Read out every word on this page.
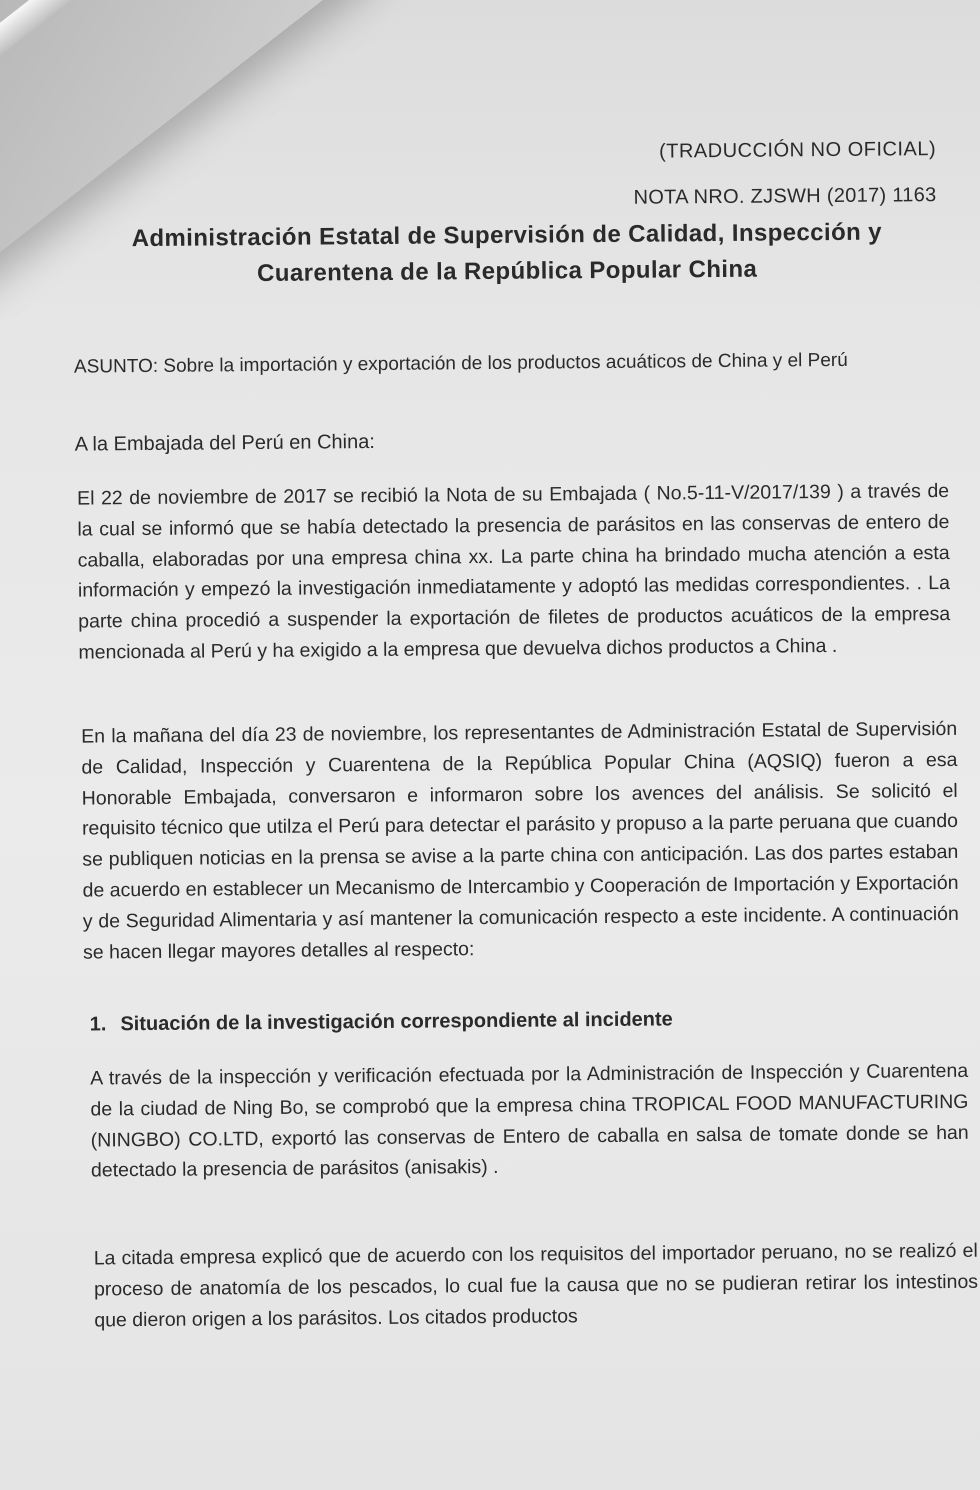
(TRADUCCIÓN NO OFICIAL)
NOTA NRO. ZJSWH (2017) 1163
Administración Estatal de Supervisión de Calidad, Inspección y Cuarentena de la República Popular China
ASUNTO: Sobre la importación y exportación de los productos acuáticos de China y el Perú
A la Embajada del Perú en China:
El 22 de noviembre de 2017 se recibió la Nota de su Embajada ( No.5-11-V/2017/139 ) a través de la cual se informó que se había detectado la presencia de parásitos en las conservas de entero de caballa, elaboradas por una empresa china xx. La parte china ha brindado mucha atención a esta información y empezó la investigación inmediatamente y adoptó las medidas correspondientes. . La parte china procedió a suspender la exportación de filetes de productos acuáticos de la empresa mencionada al Perú y ha exigido a la empresa que devuelva dichos productos a China .
En la mañana del día 23 de noviembre, los representantes de Administración Estatal de Supervisión de Calidad, Inspección y Cuarentena de la República Popular China (AQSIQ) fueron a esa Honorable Embajada, conversaron e informaron sobre los avences del análisis. Se solicitó el requisito técnico que utilza el Perú para detectar el parásito y propuso a la parte peruana que cuando se publiquen noticias en la prensa se avise a la parte china con anticipación. Las dos partes estaban de acuerdo en establecer un Mecanismo de Intercambio y Cooperación de Importación y Exportación y de Seguridad Alimentaria y así mantener la comunicación respecto a este incidente. A continuación se hacen llegar mayores detalles al respecto:
1. Situación de la investigación correspondiente al incidente
A través de la inspección y verificación efectuada por la Administración de Inspección y Cuarentena de la ciudad de Ning Bo, se comprobó que la empresa china TROPICAL FOOD MANUFACTURING (NINGBO) CO.LTD, exportó las conservas de Entero de caballa en salsa de tomate donde se han detectado la presencia de parásitos (anisakis) .
La citada empresa explicó que de acuerdo con los requisitos del importador peruano, no se realizó el proceso de anatomía de los pescados, lo cual fue la causa que no se pudieran retirar los intestinos que dieron origen a los parásitos. Los citados productos
